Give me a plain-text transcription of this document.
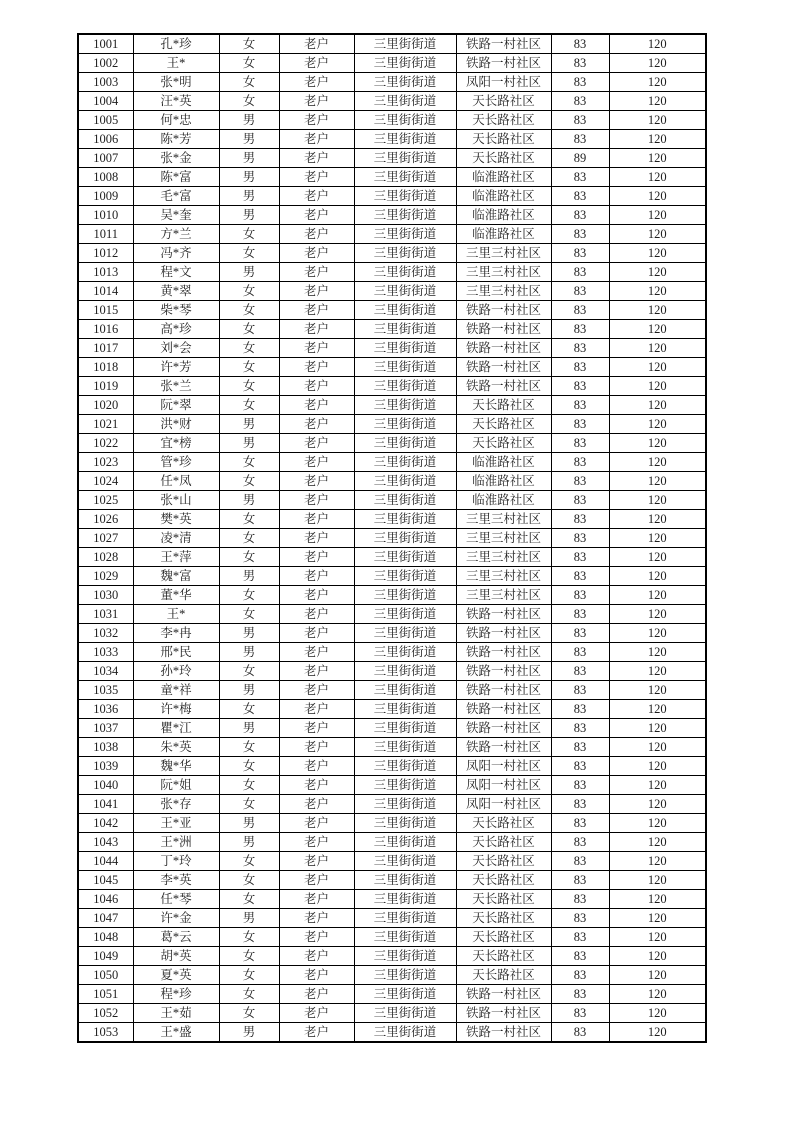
1001	孔*珍	女	老户	三里街街道	铁路一村社区	83	120
1002	王*	女	老户	三里街街道	铁路一村社区	83	120
1003	张*明	女	老户	三里街街道	凤阳一村社区	83	120
1004	汪*英	女	老户	三里街街道	天长路社区	83	120
1005	何*忠	男	老户	三里街街道	天长路社区	83	120
1006	陈*芳	男	老户	三里街街道	天长路社区	83	120
1007	张*金	男	老户	三里街街道	天长路社区	89	120
1008	陈*富	男	老户	三里街街道	临淮路社区	83	120
1009	毛*富	男	老户	三里街街道	临淮路社区	83	120
1010	吴*奎	男	老户	三里街街道	临淮路社区	83	120
1011	方*兰	女	老户	三里街街道	临淮路社区	83	120
1012	冯*齐	女	老户	三里街街道	三里三村社区	83	120
1013	程*文	男	老户	三里街街道	三里三村社区	83	120
1014	黄*翠	女	老户	三里街街道	三里三村社区	83	120
1015	柴*琴	女	老户	三里街街道	铁路一村社区	83	120
1016	高*珍	女	老户	三里街街道	铁路一村社区	83	120
1017	刘*会	女	老户	三里街街道	铁路一村社区	83	120
1018	许*芳	女	老户	三里街街道	铁路一村社区	83	120
1019	张*兰	女	老户	三里街街道	铁路一村社区	83	120
1020	阮*翠	女	老户	三里街街道	天长路社区	83	120
1021	洪*财	男	老户	三里街街道	天长路社区	83	120
1022	宜*榜	男	老户	三里街街道	天长路社区	83	120
1023	管*珍	女	老户	三里街街道	临淮路社区	83	120
1024	任*凤	女	老户	三里街街道	临淮路社区	83	120
1025	张*山	男	老户	三里街街道	临淮路社区	83	120
1026	樊*英	女	老户	三里街街道	三里三村社区	83	120
1027	凌*清	女	老户	三里街街道	三里三村社区	83	120
1028	王*萍	女	老户	三里街街道	三里三村社区	83	120
1029	魏*富	男	老户	三里街街道	三里三村社区	83	120
1030	董*华	女	老户	三里街街道	三里三村社区	83	120
1031	王*	女	老户	三里街街道	铁路一村社区	83	120
1032	李*冉	男	老户	三里街街道	铁路一村社区	83	120
1033	邢*民	男	老户	三里街街道	铁路一村社区	83	120
1034	孙*玲	女	老户	三里街街道	铁路一村社区	83	120
1035	童*祥	男	老户	三里街街道	铁路一村社区	83	120
1036	许*梅	女	老户	三里街街道	铁路一村社区	83	120
1037	瞿*江	男	老户	三里街街道	铁路一村社区	83	120
1038	朱*英	女	老户	三里街街道	铁路一村社区	83	120
1039	魏*华	女	老户	三里街街道	凤阳一村社区	83	120
1040	阮*姐	女	老户	三里街街道	凤阳一村社区	83	120
1041	张*存	女	老户	三里街街道	凤阳一村社区	83	120
1042	王*亚	男	老户	三里街街道	天长路社区	83	120
1043	王*洲	男	老户	三里街街道	天长路社区	83	120
1044	丁*玲	女	老户	三里街街道	天长路社区	83	120
1045	李*英	女	老户	三里街街道	天长路社区	83	120
1046	任*琴	女	老户	三里街街道	天长路社区	83	120
1047	许*金	男	老户	三里街街道	天长路社区	83	120
1048	葛*云	女	老户	三里街街道	天长路社区	83	120
1049	胡*英	女	老户	三里街街道	天长路社区	83	120
1050	夏*英	女	老户	三里街街道	天长路社区	83	120
1051	程*珍	女	老户	三里街街道	铁路一村社区	83	120
1052	王*茹	女	老户	三里街街道	铁路一村社区	83	120
1053	王*盛	男	老户	三里街街道	铁路一村社区	83	120
